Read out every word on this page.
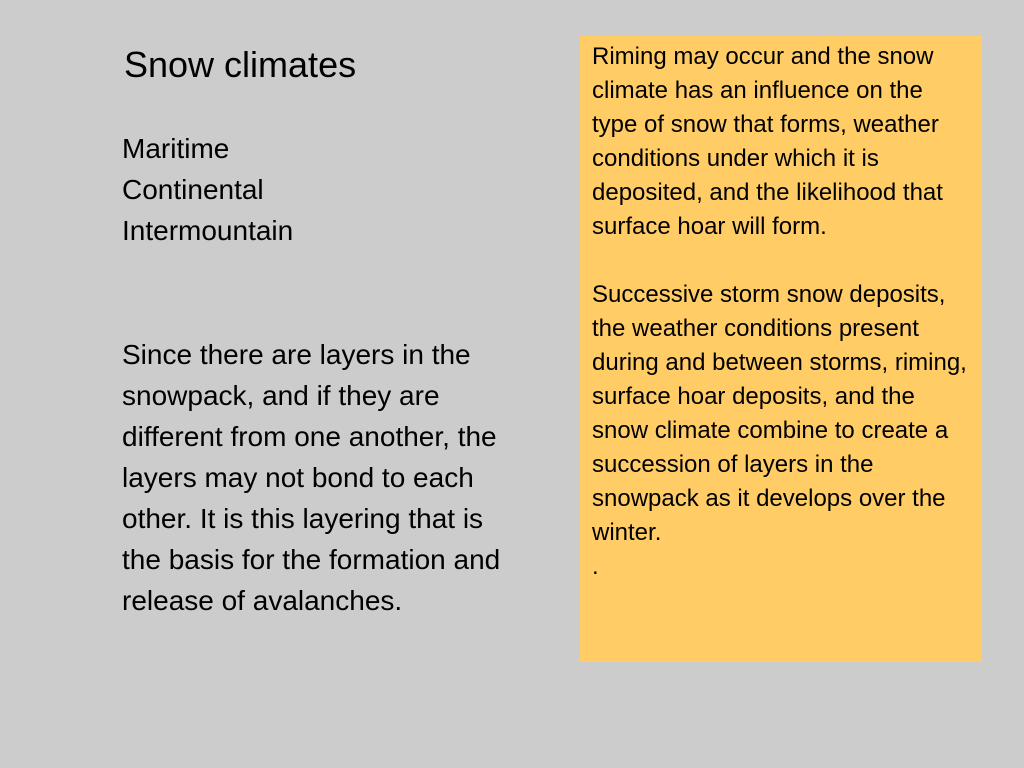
Snow climates
Maritime
Continental
Intermountain

Since there are layers in the snowpack, and if they are different from one another, the layers may not bond to each other. It is this layering that is the basis for the formation and release of avalanches.

Riming may occur and the snow climate has an influence on the type of snow that forms, weather conditions under which it is deposited, and the likelihood that surface hoar will form.

Successive storm snow deposits, the weather conditions present during and between storms, riming, surface hoar deposits, and the snow climate combine to create a succession of layers in the snowpack as it develops over the winter.

.
